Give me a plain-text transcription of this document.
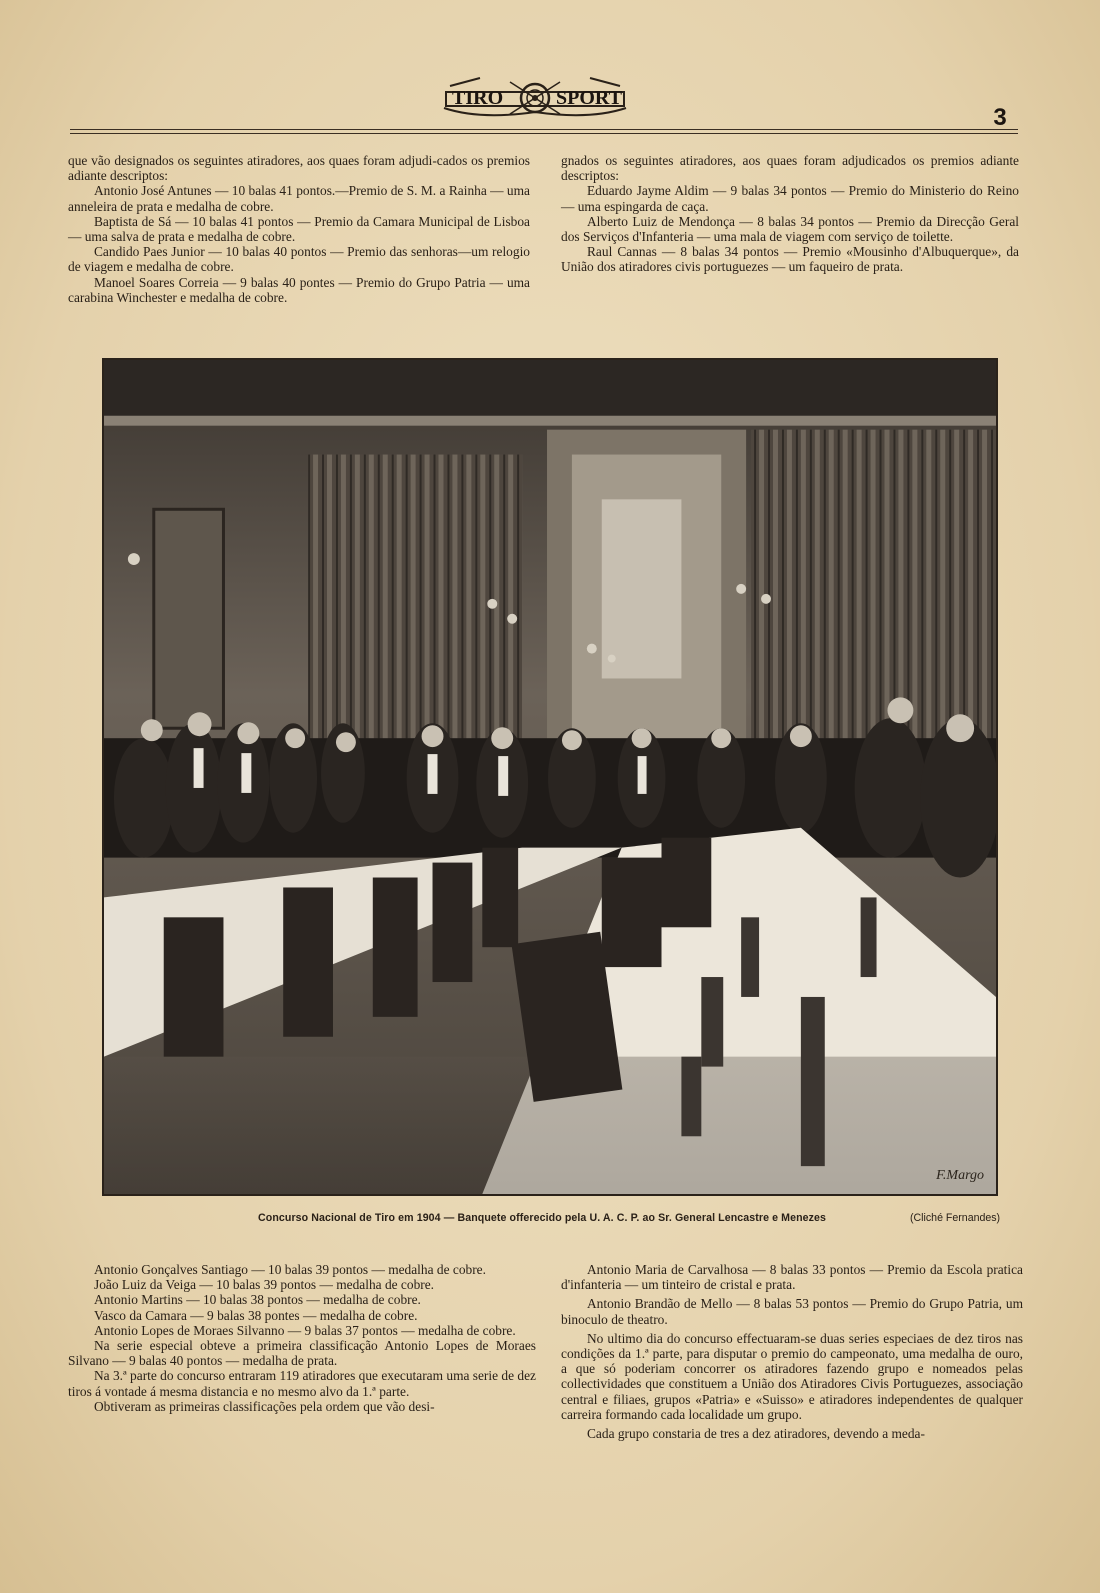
TIRO	SPORT
3

que vão designados os seguintes atiradores, aos quaes foram adjudi-cados os premios adiante descriptos:

Antonio José Antunes — 10 balas 41 pontos.—Premio de S. M. a Rainha — uma anneleira de prata e medalha de cobre.

Baptista de Sá — 10 balas 41 pontos — Premio da Camara Municipal de Lisboa — uma salva de prata e medalha de cobre.

Candido Paes Junior — 10 balas 40 pontos — Premio das senhoras—um relogio de viagem e medalha de cobre.

Manoel Soares Correia — 9 balas 40 pontes — Premio do Grupo Patria — uma carabina Winchester e medalha de cobre.

gnados os seguintes atiradores, aos quaes foram adjudicados os premios adiante descriptos:

Eduardo Jayme Aldim — 9 balas 34 pontos — Premio do Ministerio do Reino — uma espingarda de caça.

Alberto Luiz de Mendonça — 8 balas 34 pontos — Premio da Direcção Geral dos Serviços d'Infanteria — uma mala de viagem com serviço de toilette.

Raul Cannas — 8 balas 34 pontos — Premio «Mousinho d'Albuquerque», da União dos atiradores civis portuguezes — um faqueiro de prata.

F.Margo
Concurso Nacional de Tiro em 1904 — Banquete offerecido pela U. A. C. P. ao Sr. General Lencastre e Menezes	(Cliché Fernandes)

Antonio Gonçalves Santiago — 10 balas 39 pontos — medalha de cobre.

João Luiz da Veiga — 10 balas 39 pontos — medalha de cobre.

Antonio Martins — 10 balas 38 pontos — medalha de cobre.

Vasco da Camara — 9 balas 38 pontes — medalha de cobre.

Antonio Lopes de Moraes Silvanno — 9 balas 37 pontos — medalha de cobre.

Na serie especial obteve a primeira classificação Antonio Lopes de Moraes Silvano — 9 balas 40 pontos — medalha de prata.

Na 3.ª parte do concurso entraram 119 atiradores que executaram uma serie de dez tiros á vontade á mesma distancia e no mesmo alvo da 1.ª parte.

Obtiveram as primeiras classificações pela ordem que vão desi-

Antonio Maria de Carvalhosa — 8 balas 33 pontos — Premio da Escola pratica d'infanteria — um tinteiro de cristal e prata.

Antonio Brandão de Mello — 8 balas 53 pontos — Premio do Grupo Patria, um binoculo de theatro.

No ultimo dia do concurso effectuaram-se duas series especiaes de dez tiros nas condições da 1.ª parte, para disputar o premio do campeonato, uma medalha de ouro, a que só poderiam concorrer os atiradores fazendo grupo e nomeados pelas collectividades que constituem a União dos Atiradores Civis Portuguezes, associação central e filiaes, grupos «Patria» e «Suisso» e atiradores independentes de qualquer carreira formando cada localidade um grupo.

Cada grupo constaria de tres a dez atiradores, devendo a meda-
